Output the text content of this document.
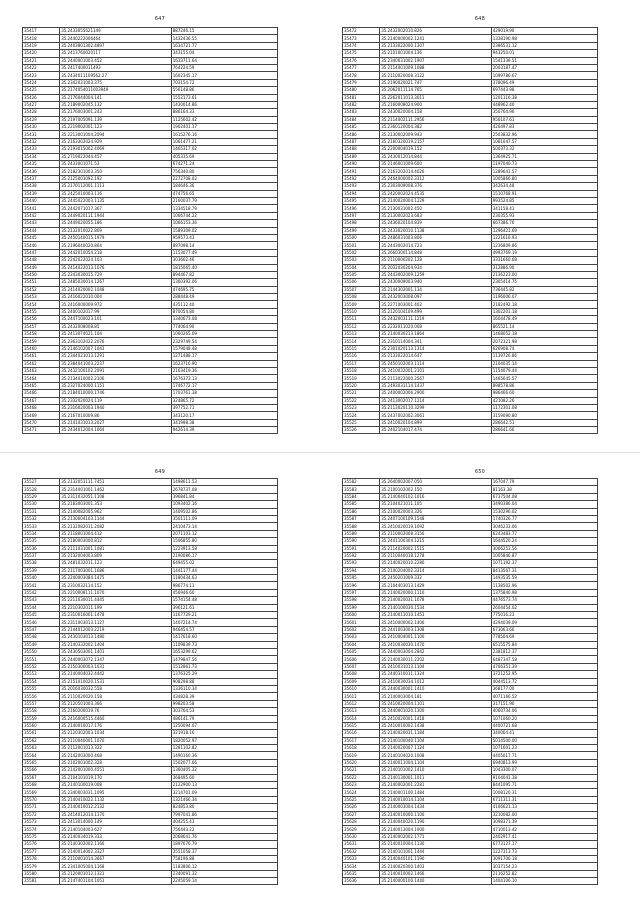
647
35417	35.2433055621149	887246.15
35418	35.2440222006464	1432436.55
35419	35.2403801302.4897	1634721.77
35420	35.2413760020117	343155.04
35421	35.2440001003.452	1633711.64
35422	35.2417400011493	764224.59
35423	35.2434011109562.27	1602345.17
35424	35.2342031003.375	703154.72
35425	35.2174054011003949	556148.86
35426	35.2176044004.141	1552173.61
35427	35.2189002045.132	1430014.86
35428	35.2176003001.243	886164.33
35429	35.2197005091.139	1125602.42
35430	35.2219002001.123	1902401.17
35431	35.2213001004.2094	1615276.16
35432	35.2163302024.929	1061477.21
35433	35.2193015002.4069	1465317.02
35434	35.2719022044.457	405335.69
35435	35.2433001071.53	674271.24
35436	35.2182301003.350	756340.80
35437	35.2125001092.192	2272708.02
35438	35.2170112001.1113	184646.36
35439	35.2425010003.116	474756.65
35440	35.2445022003.1135	2160037.79
35441	35.2442071017.367	1334518.79
35442	35.2449020111.1944	1066744.22
35443	35.2449020055.186	1066153.36
35444	35.2132010022.809	1589309.02
35445	35.2450140015.1979	959573.41
35446	35.2196040020.804	897098.14
35447	35.2442010054.218	1153077.49
35448	35.2242022024.103	303662.46
35449	35.2414022013.1076	1815065.40
35450	35.2243030015.729	894467.82
35451	35.2485030014.1267	1360392.06
35452	35.2414020002.1048	474695.75
35453	35.2416022010.004	288448.49
35454	35.2416000009.972	435112.40
35455	35.2400102017.99	870054.80
35456	35.2447100023.101	1340673.08
35457	35.2432008008.85	774064.90
35458	35.2413074021.104	1060265.09
35459	35.2363102022.2076	2329749.54
35460	35.2146102007.1043	1579048.48
35461	35.2344021013.1291	1271488.17
35462	35.2384041003.2237	1623716.90
35463	35.2432100102.2091	2163419.36
35464	35.2134010002.2106	1676373.13
35465	35.2327024000.1151	1746772.17
35466	35.2184010000.1746	1703761.38
35467	35.2332020024.119	324865.72
35468	35.2316020003.1940	397752.71
35469	35.2167010009.86	343120.17
35470	35.2141031013.2027	341998.38
35471	35.2434012004.1064	942614.39
648
35472	35.2432002010.826	429019.90
35473	35.2140000002.1241	1338190.98
35474	35.2133022000.1307	2386531.12
35475	35.2101001004.136	943250.01
35476	35.2340031002.1907	1541339.51
35477	35.2114001009.1088	2003187.47
35478	35.2110020008.3122	1099786.67
35479	35.2190020021.747	378096.49
35480	35.2062011114.765	697443.98
35481	35.2262011013.3011	1201116.38
35482	35.2160008024.900	448962.40
35483	35.2430020004.158	350764.96
35484	35.2114002111.2956	956107.61
35485	35.2360120004.382	420497.83
35486	35.2130002009.943	2503832.96
35487	35.2160320019.2157	1081047.57
35488	35.2200004019.152	500373.32
35489	35.2430012014.844	1364925.71
35490	35.2146001009.600	1197040.73
35491	35.2163202014.4026	1289641.57
35492	35.2464000002.3312	1005866.80
35493	35.2303009008.376	342634.48
35494	35.2420002024.4535	1510768.91
35495	35.2140020004.1229	993524.85
35496	35.2130031002.450	341158.41
35497	35.2130002023.683	230355.93
35498	35.2436020104.839	667386.76
35499	35.2433020010.1138	1296421.69
35500	35.2486031003.806	1221616.93
35501	35.2443002014.723	1236809.86
35502	35.2660300114.848	4993769.19
35503	35.2110000202.128	3331660.68
35504	35.2032030204.934	312886.90
35505	35.2443002009.1259	2136223.00
35506	35.2430009003.940	2305414.75
35507	35.2144302001.134	736445.82
35508	35.2432003008.097	1196006.07
35509	35.2271003001.402	2182492.18
35510	35.2120104109.499	1302201.18
35511	35.2432003111.1219	1604478.49
35512	35.2232011020.008	865521.14
35513	35.2140030213.1864	1468052.18
35514	35.2310114004.341	2072321.98
35515	35.2301020113.1314	626908.74
35516	35.2133022014.647	1139726.86
35517	35.2450102003.1114	2104035.14
35518	35.2410032001.2101	1154079.44
35519	35.2113022000.2567	1465645.57
35520	35.2493031114.1437	898578.86
35521	35.2400002006.2900	986466.60
35522	35.2413002017.1214	421082.26
35523	35.2113020110.3299	1172301.08
35524	35.2437002002.3061	3159090.80
35525	35.2410020104.899	286642.51
35526	35.2402104017.474	286641.66
649
35527	35.2132051111.7451	1498611.53
35528	35.2314001001.1462	2678737.08
35529	35.2311032051.1108	396841.84
35530	35.2183003001.353	1093402.16
35531	35.2140082005.962	1409502.86
35532	35.2130004103.1144	3501111.09
35533	35.2132082011.2082	2410473.14
35534	35.2118001004.412	2071103.12
35535	35.2180003000.812	1506855.80
35536	35.2111031001.1081	1223913.58
35537	35.2132004003.809	2190086.17
35538	35.2481032011.123	649455.02
35539	35.2117003001.1686	1441177.44
35540	35.2240003084.1475	1180434.63
35541	35.2310032114.152	986774.11
35542	35.2210008111.1070	456946.60
35543	35.2211030011.4445	1574154.48
35544	35.2210302011.199	396121.61
35545	35.2310016001.1478	1167729.21
35546	35.2311003013.1127	1407214.74
35547	35.2144012003.2219	946454.57
35548	35.2430103013.1480	1417618.60
35549	35.2140332002.1404	1109839.73
35550	35.2430503001.1401	1653299.62
35551	35.2440003072.1347	1479847.56
35552	35.2150300003.1031	1512861.73
35553	35.2140004032.4442	1376325.29
35554	35.2151010020.1531	908298.88
35555	35.2016030032.558	1336110.34
35556	35.2110020020.158	434828.39
35557	35.2120501003.366	998203.58
35558	35.2160200019.76	303764.53
35559	35.2416000515.4460	486141.79
35560	35.2140010017.176	1250094.07
35561	35.2120302003.1034	321918.16
35562	35.2110040001.1070	1820052.97
35563	35.2112001013.322	1281102.82
35564	35.2142003000.468	1490160.36
35565	35.2102001002.328	1502077.66
35566	35.2142001000.4551	1360405.32
35567	35.2104101019.170	368495.60
35568	35.2140100019.008	2122900.13
35569	35.2340003031.1095	3214701.09
35570	35.2140410022.1132	1321466.34
35571	35.2140010012.2132	824853.80
35572	35.2414012014.1170	7997041.86
35573	35.2413014000.149	404255.41
35574	35.2140104003.627	756443.22
35575	35.2140034019.333	2068641.76
35576	35.2140302002.1166	1897676.79
35577	35.2140014002.3327	3551058.37
35578	35.2110001014.3667	758196.88
35579	35.2341005004.1168	1183806.12
35580	35.2120001012.1321	2340091.32
35581	35.2147401104.1051	2245059.14
650
35582	35.2640002007.050	167047.79
35583	35.2100102002.150	81163.38
35584	35.2140040102.1016	6737504.08
35585	35.2104021011.105	3490386.04
35586	35.2100020003.326	1530296.02
35587	35.2407100109.1548	1740326.77
35588	35.2410020019.1092	3046233.06
35589	35.2110002008.3156	6243483.77
35590	35.2441100304.1215	1644520.24
35591	35.2114020002.1515	3066253.56
35592	35.2110040018.1278	1005846.87
35593	35.2140020010.2286	1071192.37
35594	35.2100204002.3314	8413567.31
35595	35.2450201009.332	1493535.59
35596	35.2104403013.1429	1138502.96
35597	35.2140020000.1110	1375840.98
35598	35.2140020031.1078	4476573.74
35599	35.2140100030.1534	2604454.02
35600	35.2140011010.1451	775016.23
35601	35.2410000002.1406	4294039.09
35602	35.2441003003.1308	673063.66
35603	35.2410004001.1100	778504.69
35604	35.2410030030.1470	6515575.84
35605	35.2440003004.2842	2381812.37
35606	35.2140030011.2202	6487347.58
35607	35.2410031013.1104	4766351.39
35608	35.2440310011.1324	3721252.95
35609	35.2410030034.1012	4044513.72
35610	35.2440030001.1410	368177.00
35611	35.2140003004.181	4071166.52
35612	35.2410020004.1101	317151.90
35613	35.2440001020.1300	4060734.06
35614	35.2410020001.1418	1071060.20
35615	35.2410010002.1438	4400721.68
35616	35.2140020031.1184	340064.41
35617	35.2140100040.1104	5014500.00
35618	35.2140020007.1124	1071601.23
35619	35.2140104020.1008	4405017.71
35620	35.2140011004.1104	6940813.99
35621	35.2140101002.1410	1043300.07
35622	35.2140130001.1011	9104041.38
35623	35.2140002001.2281	8441095.71
35624	35.2140001100.1484	1008120.31
35625	35.2140010014.1104	6711311.31
35626	35.2140003004.1434	4106621.13
35627	35.2140010000.1100	3210082.00
35628	35.2140040020.1190	3098371.39
35629	35.2140013004.1000	4710013.42
35630	35.2140002002.1771	2402917.41
35631	35.2140010004.1130	6773127.17
35632	35.2140101001.1444	1227313.73
35633	35.2140040101.1190	3091706.18
35634	35.2140020300.1403	3037154.23
35635	35.2140010002.1466	2116252.82
35636	35.2140000100.1440	1404106.10
